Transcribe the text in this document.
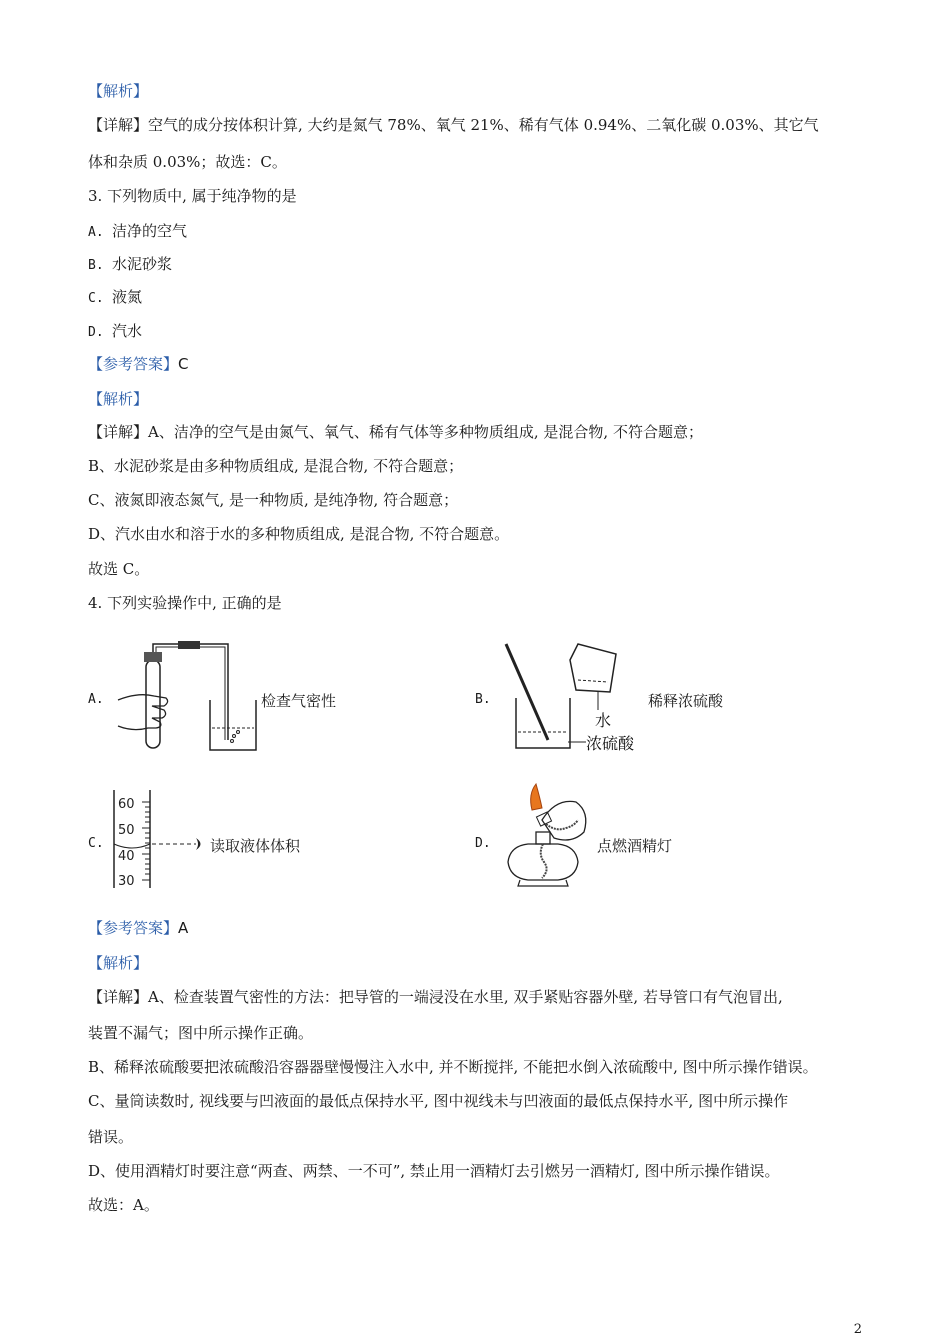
【解析】
【详解】空气的成分按体积计算, 大约是氮气 78%、氧气 21%、稀有气体 0.94%、二氧化碳 0.03%、其它气
体和杂质 0.03%；故选：C。
3. 下列物质中, 属于纯净物的是
A. 洁净的空气
B. 水泥砂浆
C. 液氮
D. 汽水
【参考答案】C
【解析】
【详解】A、洁净的空气是由氮气、氧气、稀有气体等多种物质组成, 是混合物, 不符合题意；
B、水泥砂浆是由多种物质组成, 是混合物, 不符合题意；
C、液氮即液态氮气, 是一种物质, 是纯净物, 符合题意；
D、汽水由水和溶于水的多种物质组成, 是混合物, 不符合题意。
故选 C。
4. 下列实验操作中, 正确的是
A.	检查气密性	B.
水
浓硫酸
稀释浓硫酸
C.
60
50
40
30
读取液体体积	D.	点燃酒精灯
【参考答案】A
【解析】
【详解】A、检查装置气密性的方法：把导管的一端浸没在水里, 双手紧贴容器外壁, 若导管口有气泡冒出,
装置不漏气；图中所示操作正确。
B、稀释浓硫酸要把浓硫酸沿容器器壁慢慢注入水中, 并不断搅拌, 不能把水倒入浓硫酸中, 图中所示操作错误。
C、量筒读数时, 视线要与凹液面的最低点保持水平, 图中视线未与凹液面的最低点保持水平, 图中所示操作
错误。
D、使用酒精灯时要注意“两查、两禁、一不可”, 禁止用一酒精灯去引燃另一酒精灯, 图中所示操作错误。
故选：A。
2
